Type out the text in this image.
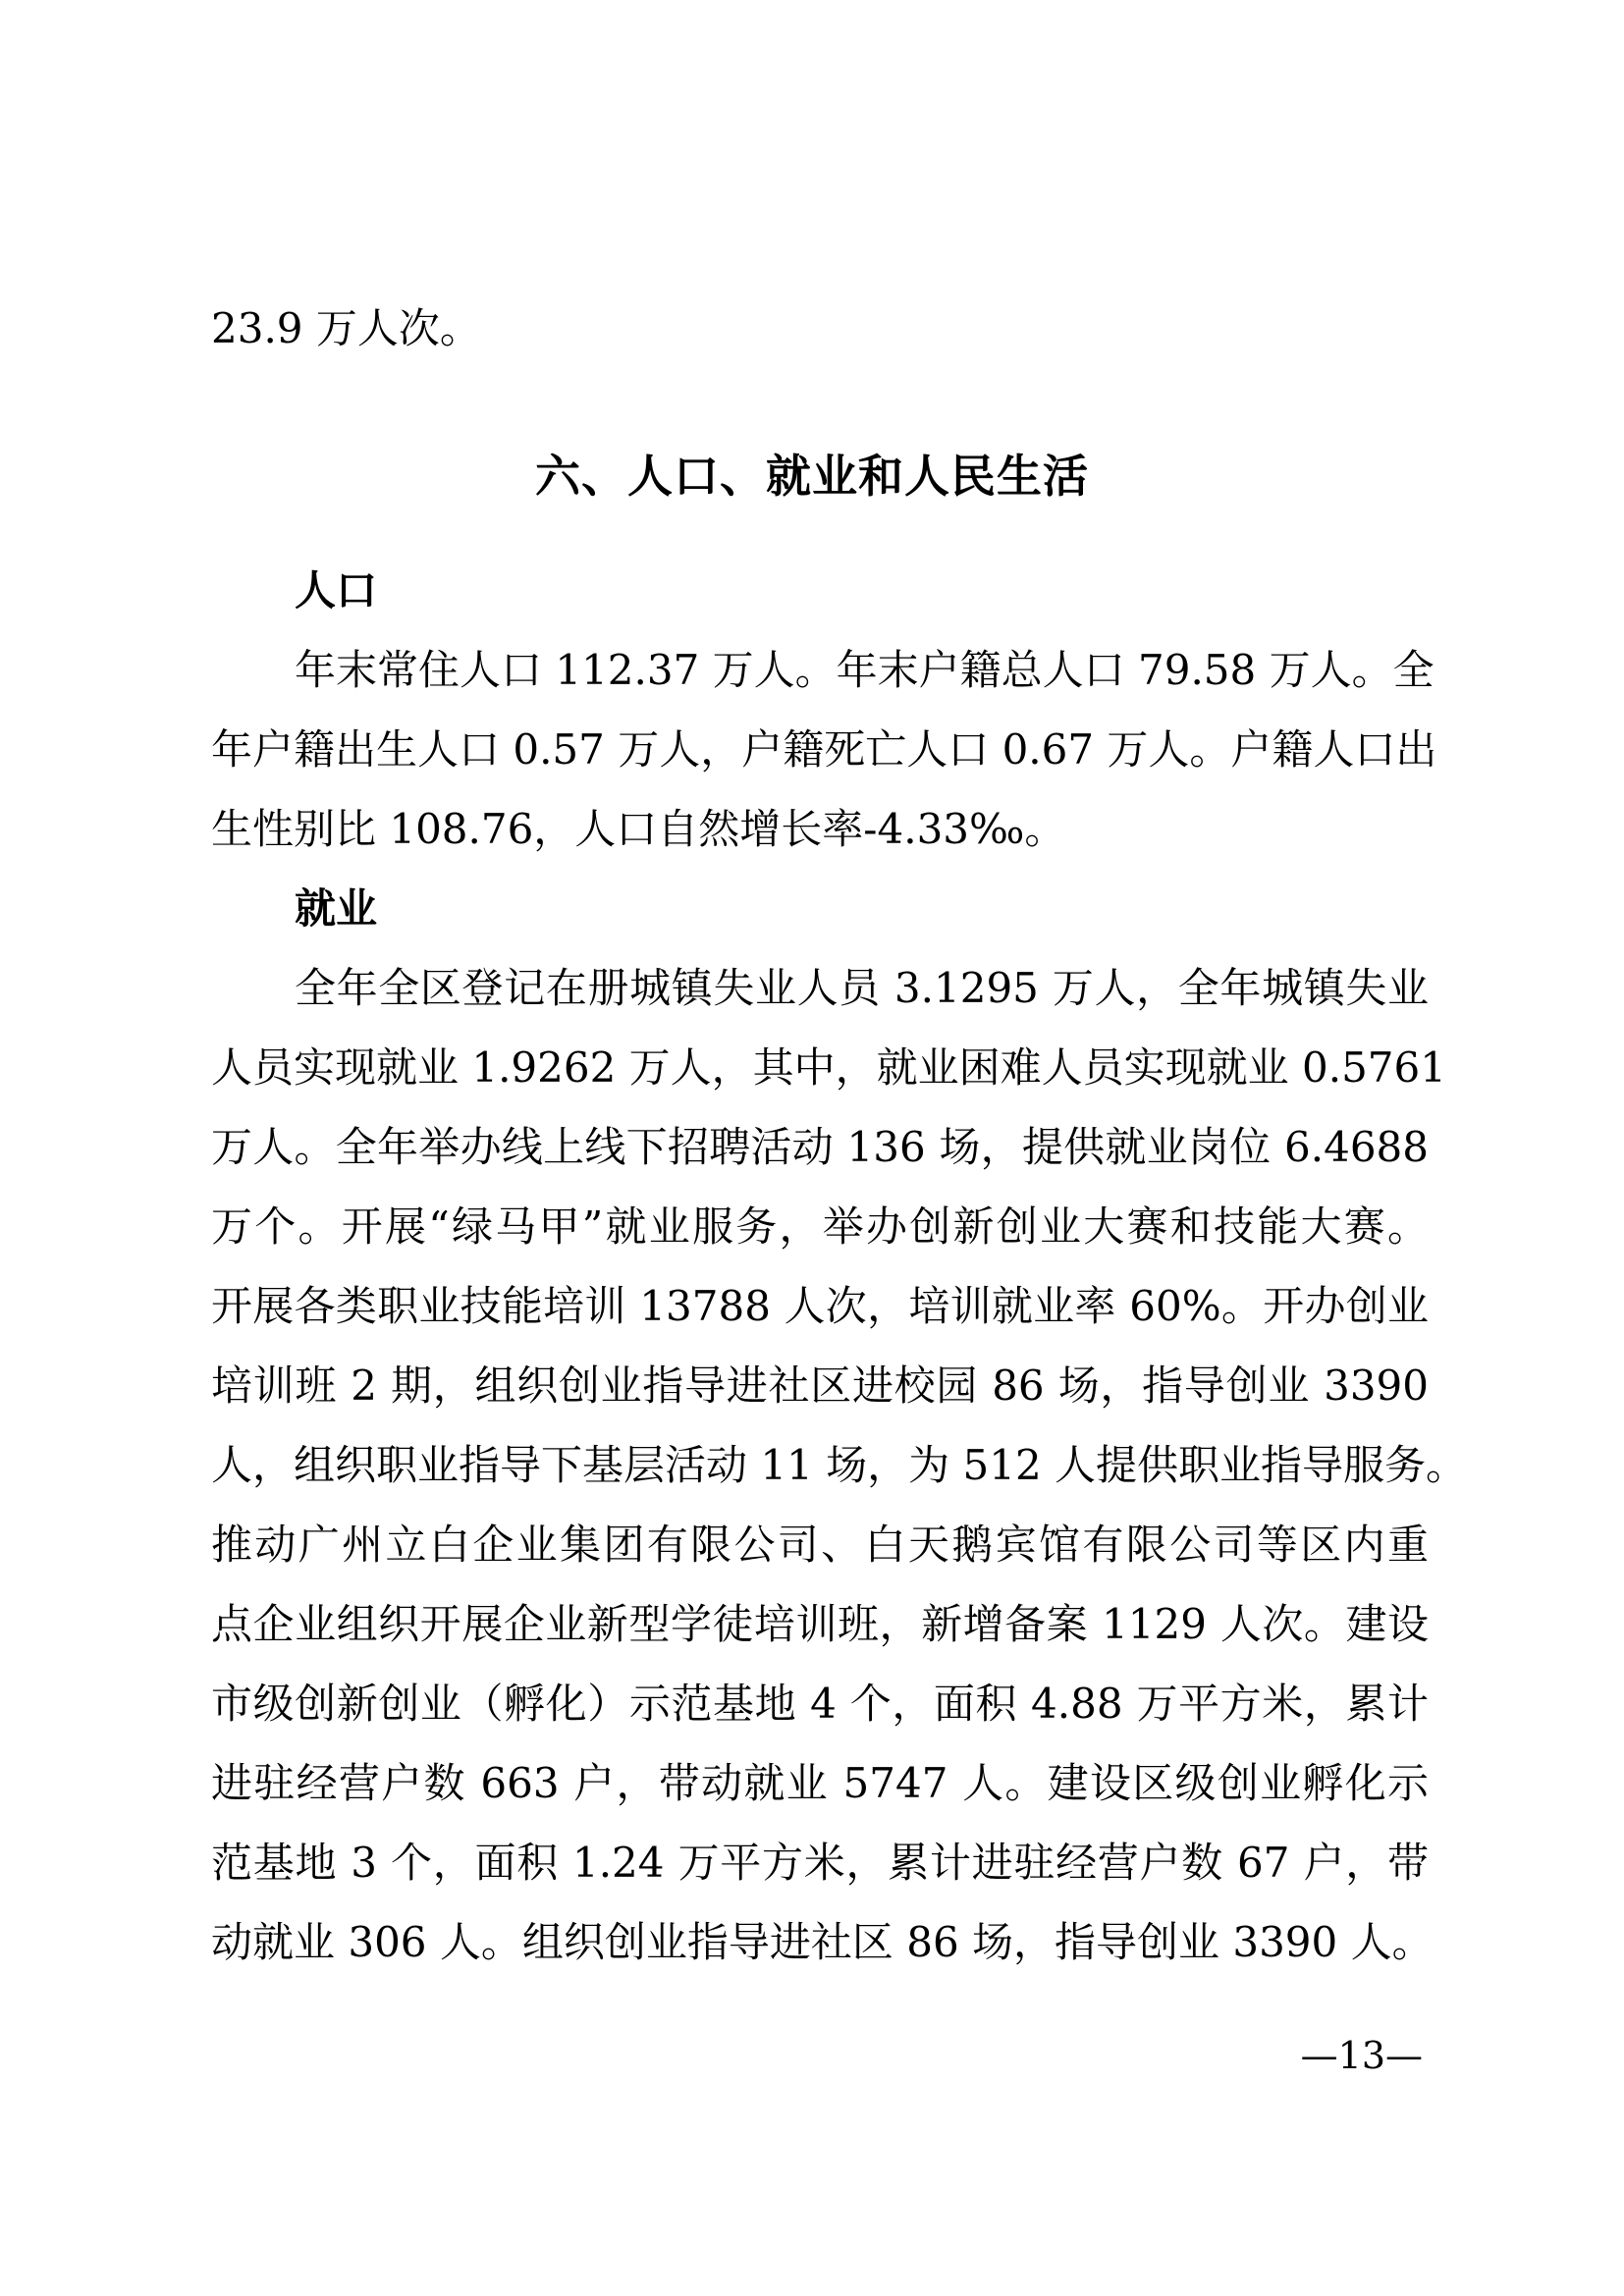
23.9 万人次。
六、人口、就业和人民生活
人口
年末常住人口 112.37 万人。年末户籍总人口 79.58 万人。全
年户籍出生人口 0.57 万人，户籍死亡人口 0.67 万人。户籍人口出
生性别比 108.76，人口自然增长率-4.33‰。
就业
全年全区登记在册城镇失业人员 3.1295 万人，全年城镇失业
人员实现就业 1.9262 万人，其中，就业困难人员实现就业 0.5761
万人。全年举办线上线下招聘活动 136 场，提供就业岗位 6.4688
万个。开展“绿马甲”就业服务，举办创新创业大赛和技能大赛。
开展各类职业技能培训 13788 人次，培训就业率 60%。开办创业
培训班 2 期，组织创业指导进社区进校园 86 场，指导创业 3390
人，组织职业指导下基层活动 11 场，为 512 人提供职业指导服务。
推动广州立白企业集团有限公司、白天鹅宾馆有限公司等区内重
点企业组织开展企业新型学徒培训班，新增备案 1129 人次。建设
市级创新创业（孵化）示范基地 4 个，面积 4.88 万平方米，累计
进驻经营户数 663 户，带动就业 5747 人。建设区级创业孵化示
范基地 3 个，面积 1.24 万平方米，累计进驻经营户数 67 户，带
动就业 306 人。组织创业指导进社区 86 场，指导创业 3390 人。
—13—
